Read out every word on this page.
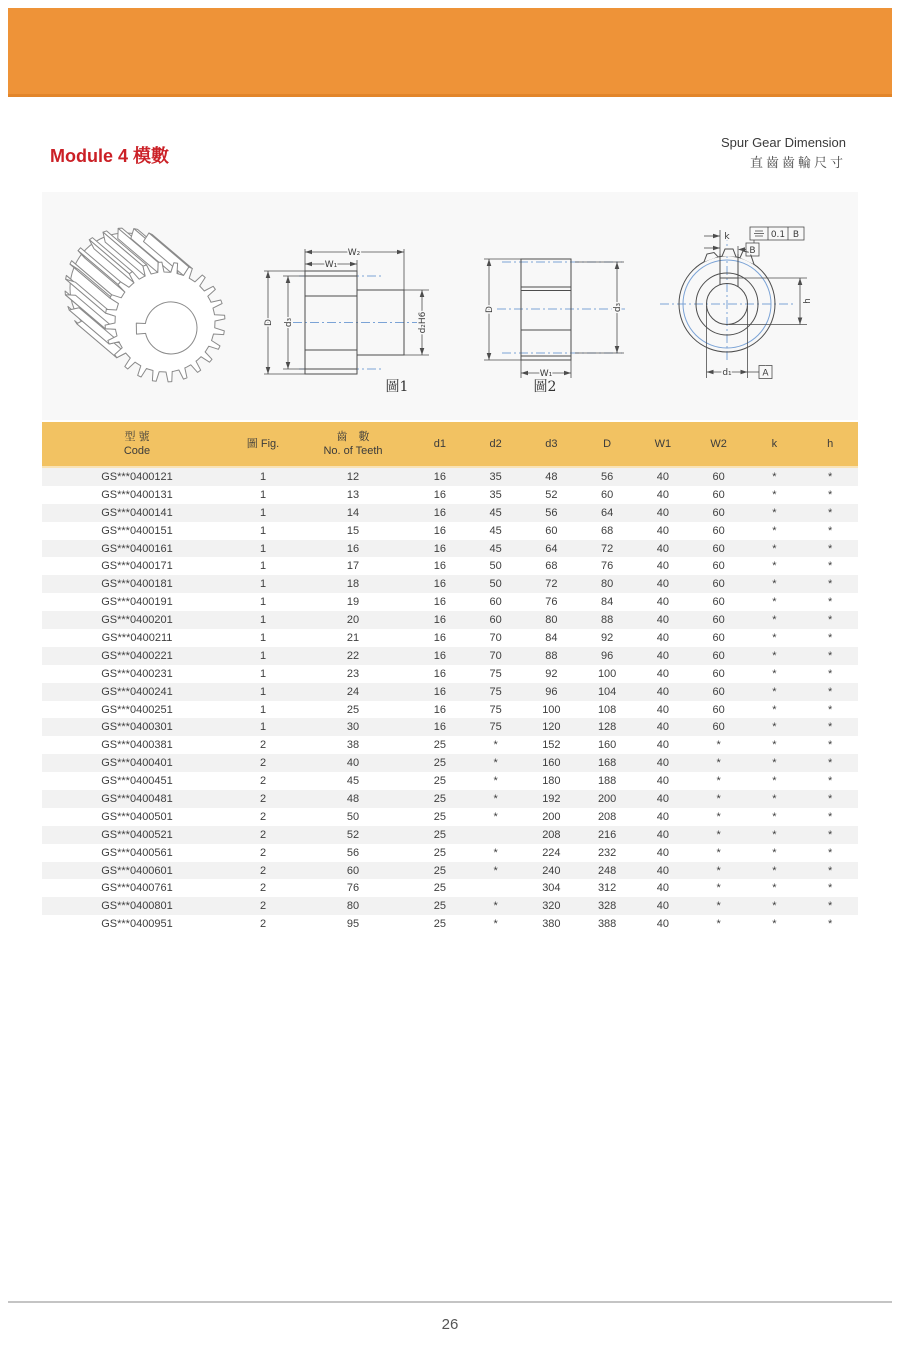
Module 4 模數
Spur Gear Dimension
直齒齒輪尺寸
W₂
W₁
D d₃	d₂H6
圖1
D	d₃
W₁
圖2
k	0.1 B
B
h
d₁	A
型 號
Code
	圖 Fig.	
齒　數
No. of Teeth
	d1	d2	d3	D	W1	W2	k	h
GS***0400121	1	12	16	35	48	56	40	60	*	*
GS***0400131	1	13	16	35	52	60	40	60	*	*
GS***0400141	1	14	16	45	56	64	40	60	*	*
GS***0400151	1	15	16	45	60	68	40	60	*	*
GS***0400161	1	16	16	45	64	72	40	60	*	*
GS***0400171	1	17	16	50	68	76	40	60	*	*
GS***0400181	1	18	16	50	72	80	40	60	*	*
GS***0400191	1	19	16	60	76	84	40	60	*	*
GS***0400201	1	20	16	60	80	88	40	60	*	*
GS***0400211	1	21	16	70	84	92	40	60	*	*
GS***0400221	1	22	16	70	88	96	40	60	*	*
GS***0400231	1	23	16	75	92	100	40	60	*	*
GS***0400241	1	24	16	75	96	104	40	60	*	*
GS***0400251	1	25	16	75	100	108	40	60	*	*
GS***0400301	1	30	16	75	120	128	40	60	*	*
GS***0400381	2	38	25	*	152	160	40	*	*	*
GS***0400401	2	40	25	*	160	168	40	*	*	*
GS***0400451	2	45	25	*	180	188	40	*	*	*
GS***0400481	2	48	25	*	192	200	40	*	*	*
GS***0400501	2	50	25	*	200	208	40	*	*	*
GS***0400521	2	52	25		208	216	40	*	*	*
GS***0400561	2	56	25	*	224	232	40	*	*	*
GS***0400601	2	60	25	*	240	248	40	*	*	*
GS***0400761	2	76	25		304	312	40	*	*	*
GS***0400801	2	80	25	*	320	328	40	*	*	*
GS***0400951	2	95	25	*	380	388	40	*	*	*
26
